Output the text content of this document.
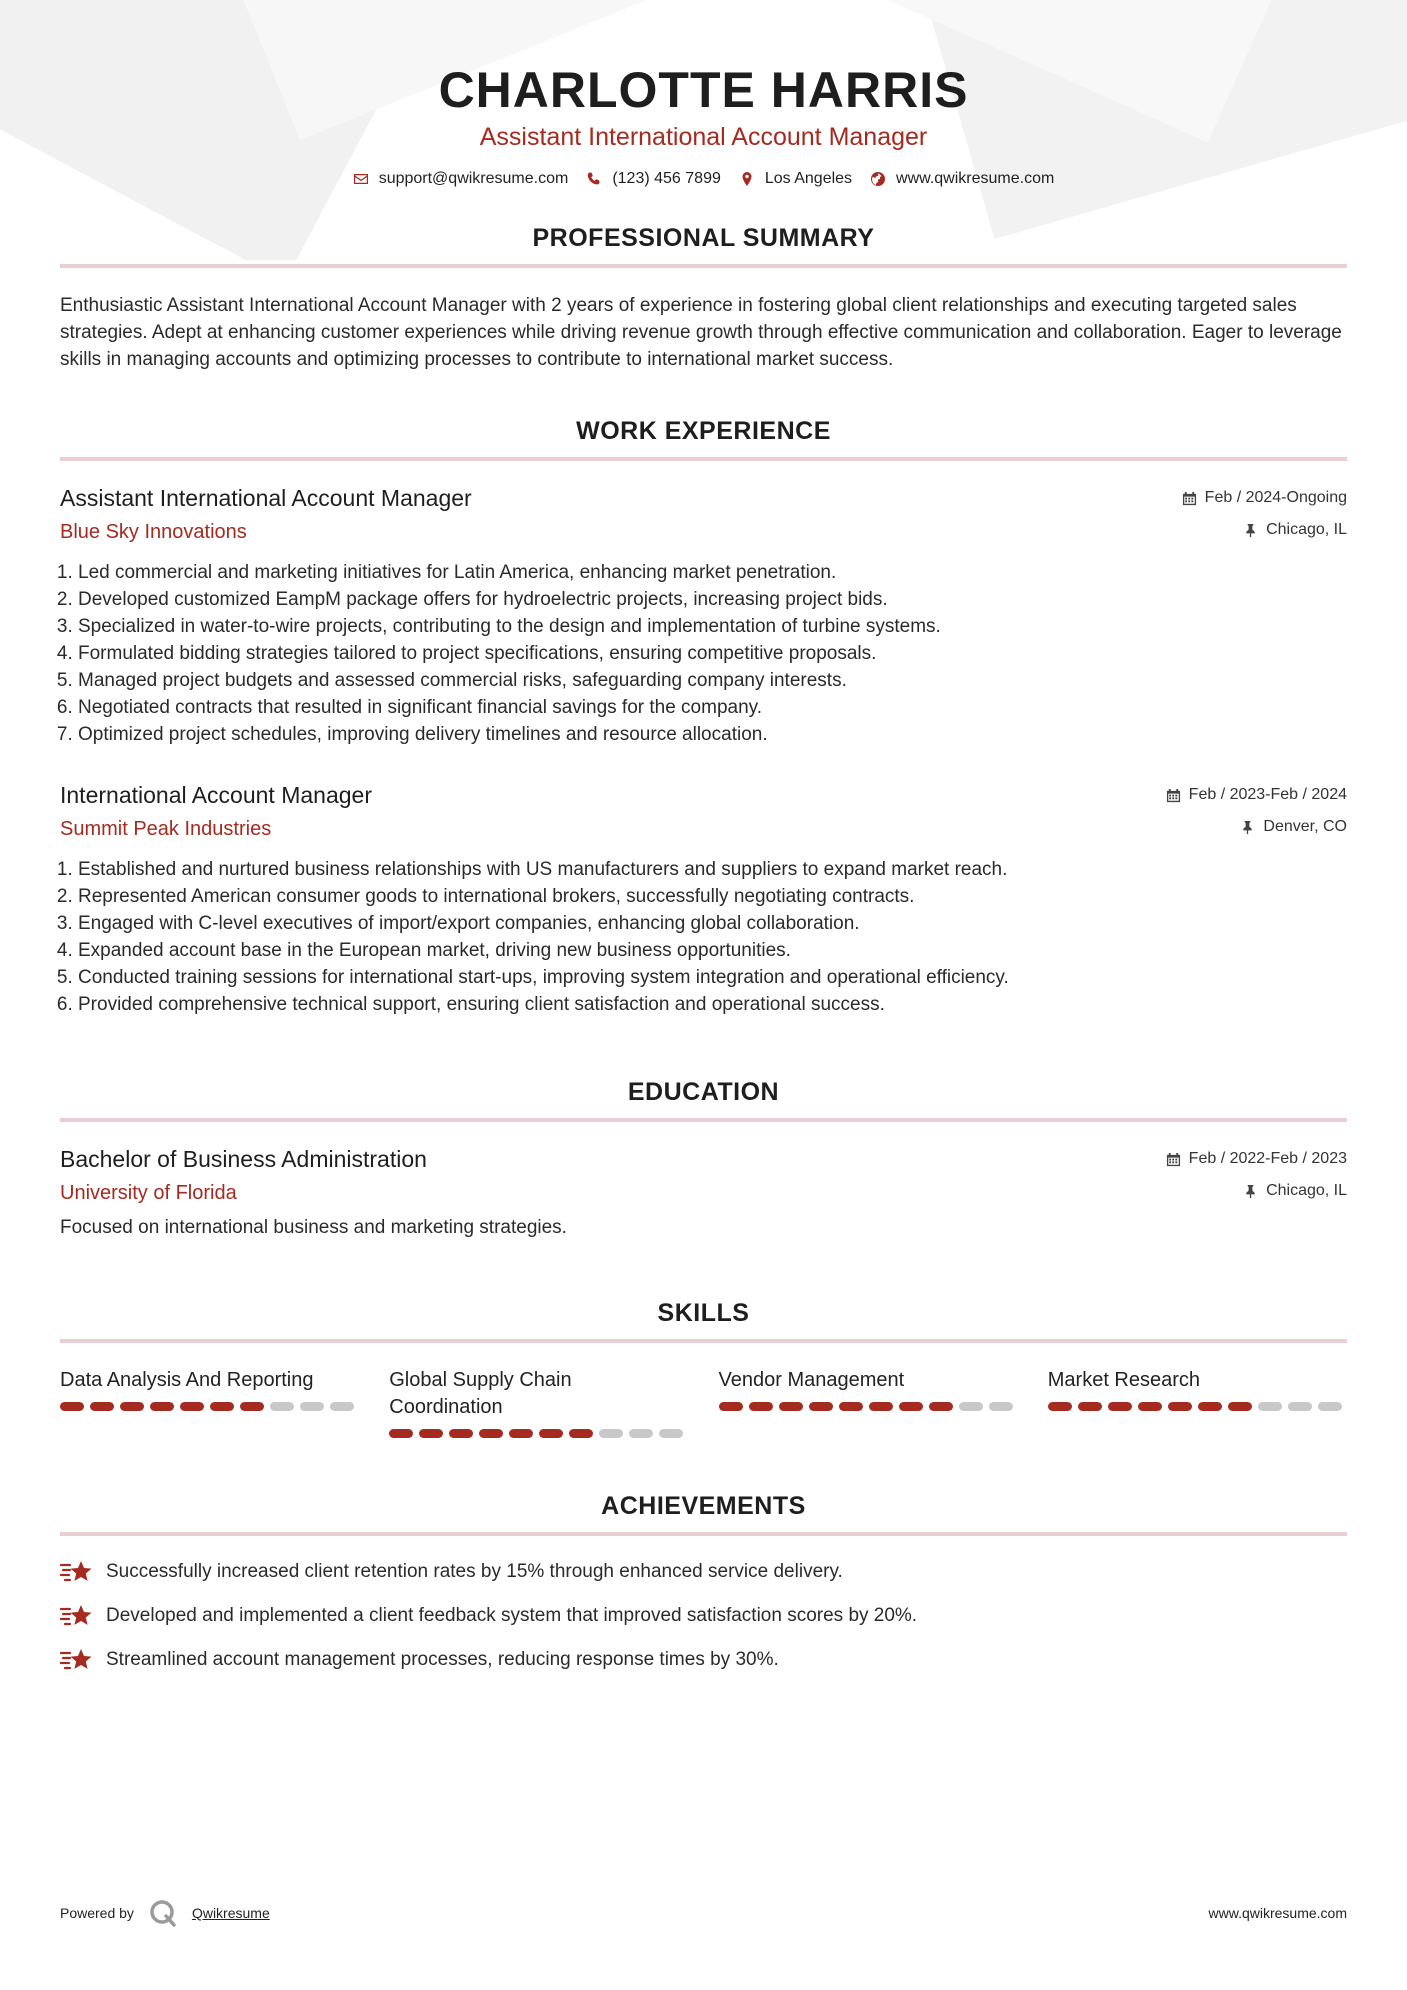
CHARLOTTE HARRIS
Assistant International Account Manager
support@qwikresume.com	(123) 456 7899	Los Angeles	www.qwikresume.com
PROFESSIONAL SUMMARY

Enthusiastic Assistant International Account Manager with 2 years of experience in fostering global client relationships and executing targeted sales strategies. Adept at enhancing customer experiences while driving revenue growth through effective communication and collaboration. Eager to leverage skills in managing accounts and optimizing processes to contribute to international market success.

WORK EXPERIENCE
Assistant International Account Manager
Blue Sky Innovations
Feb / 2024-Ongoing
Chicago, IL
1. Led commercial and marketing initiatives for Latin America, enhancing market penetration.
2. Developed customized EampM package offers for hydroelectric projects, increasing project bids.
3. Specialized in water-to-wire projects, contributing to the design and implementation of turbine systems.
4. Formulated bidding strategies tailored to project specifications, ensuring competitive proposals.
5. Managed project budgets and assessed commercial risks, safeguarding company interests.
6. Negotiated contracts that resulted in significant financial savings for the company.
7. Optimized project schedules, improving delivery timelines and resource allocation.
International Account Manager
Summit Peak Industries
Feb / 2023-Feb / 2024
Denver, CO
1. Established and nurtured business relationships with US manufacturers and suppliers to expand market reach.
2. Represented American consumer goods to international brokers, successfully negotiating contracts.
3. Engaged with C-level executives of import/export companies, enhancing global collaboration.
4. Expanded account base in the European market, driving new business opportunities.
5. Conducted training sessions for international start-ups, improving system integration and operational efficiency.
6. Provided comprehensive technical support, ensuring client satisfaction and operational success.
EDUCATION
Bachelor of Business Administration
University of Florida
Feb / 2022-Feb / 2023
Chicago, IL

Focused on international business and marketing strategies.

SKILLS
Data Analysis And Reporting	Global Supply Chain Coordination
Vendor Management	Market Research
ACHIEVEMENTS
Successfully increased client retention rates by 15% through enhanced service delivery.
Developed and implemented a client feedback system that improved satisfaction scores by 20%.
Streamlined account management processes, reducing response times by 30%.
Powered by	Qwikresume	www.qwikresume.com
